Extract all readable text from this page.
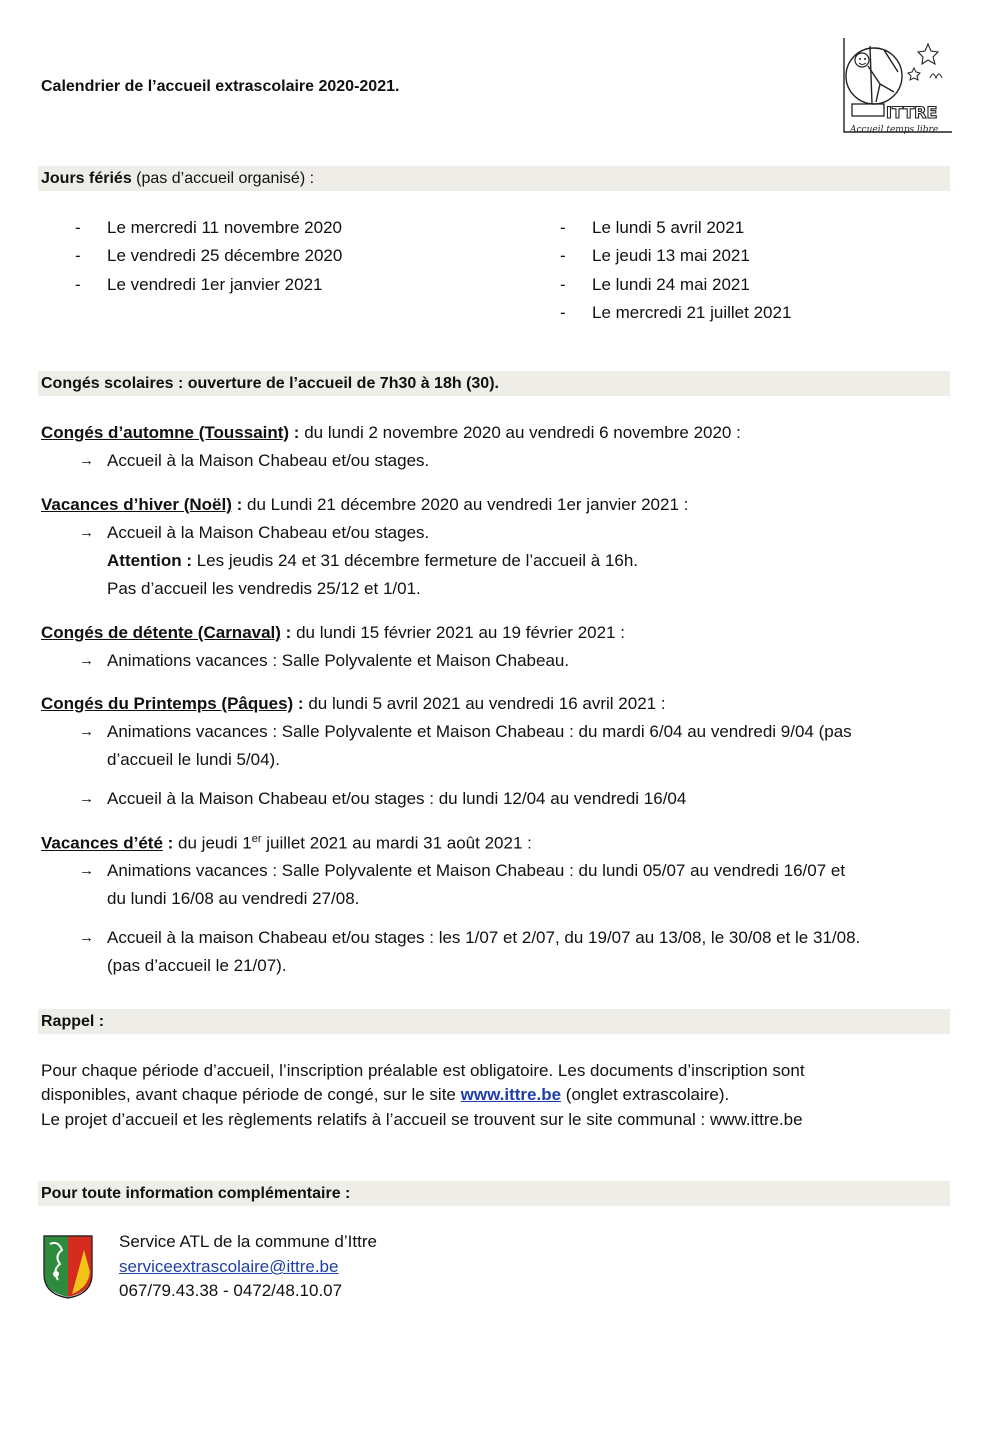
Calendrier de l’accueil extrascolaire 2020-2021.
ITTRE
Accueil temps libre
Jours fériés (pas d’accueil organisé) :
- Le mercredi 11 novembre 2020
- Le vendredi 25 décembre 2020
- Le vendredi 1er janvier 2021
- Le lundi 5 avril 2021
- Le jeudi 13 mai 2021
- Le lundi 24 mai 2021
- Le mercredi 21 juillet 2021
Congés scolaires : ouverture de l’accueil de 7h30 à 18h (30).
Congés d’automne (Toussaint) : du lundi 2 novembre 2020 au vendredi 6 novembre 2020 :
→ Accueil à la Maison Chabeau et/ou stages.
Vacances d’hiver (Noël) : du Lundi 21 décembre 2020 au vendredi 1er janvier 2021 :
→ Accueil à la Maison Chabeau et/ou stages.
Attention : Les jeudis 24 et 31 décembre fermeture de l’accueil à 16h.
Pas d’accueil les vendredis 25/12 et 1/01.
Congés de détente (Carnaval) : du lundi 15 février 2021 au 19 février 2021 :
→ Animations vacances : Salle Polyvalente et Maison Chabeau.
Congés du Printemps (Pâques) : du lundi 5 avril 2021 au vendredi 16 avril 2021 :
→ Animations vacances : Salle Polyvalente et Maison Chabeau : du mardi 6/04 au vendredi 9/04 (pas
d’accueil le lundi 5/04).
→ Accueil à la Maison Chabeau et/ou stages : du lundi 12/04 au vendredi 16/04
Vacances d’été : du jeudi 1er juillet 2021 au mardi 31 août 2021 :
→ Animations vacances : Salle Polyvalente et Maison Chabeau : du lundi 05/07 au vendredi 16/07 et
du lundi 16/08 au vendredi 27/08.
→ Accueil à la maison Chabeau et/ou stages : les 1/07 et 2/07, du 19/07 au 13/08, le 30/08 et le 31/08.
(pas d’accueil le 21/07).
Rappel :
Pour chaque période d’accueil, l’inscription préalable est obligatoire. Les documents d’inscription sont
disponibles, avant chaque période de congé, sur le site www.ittre.be (onglet extrascolaire).
Le projet d’accueil et les règlements relatifs à l’accueil se trouvent sur le site communal : www.ittre.be
Pour toute information complémentaire :
Service ATL de la commune d’Ittre
serviceextrascolaire@ittre.be
067/79.43.38 - 0472/48.10.07
